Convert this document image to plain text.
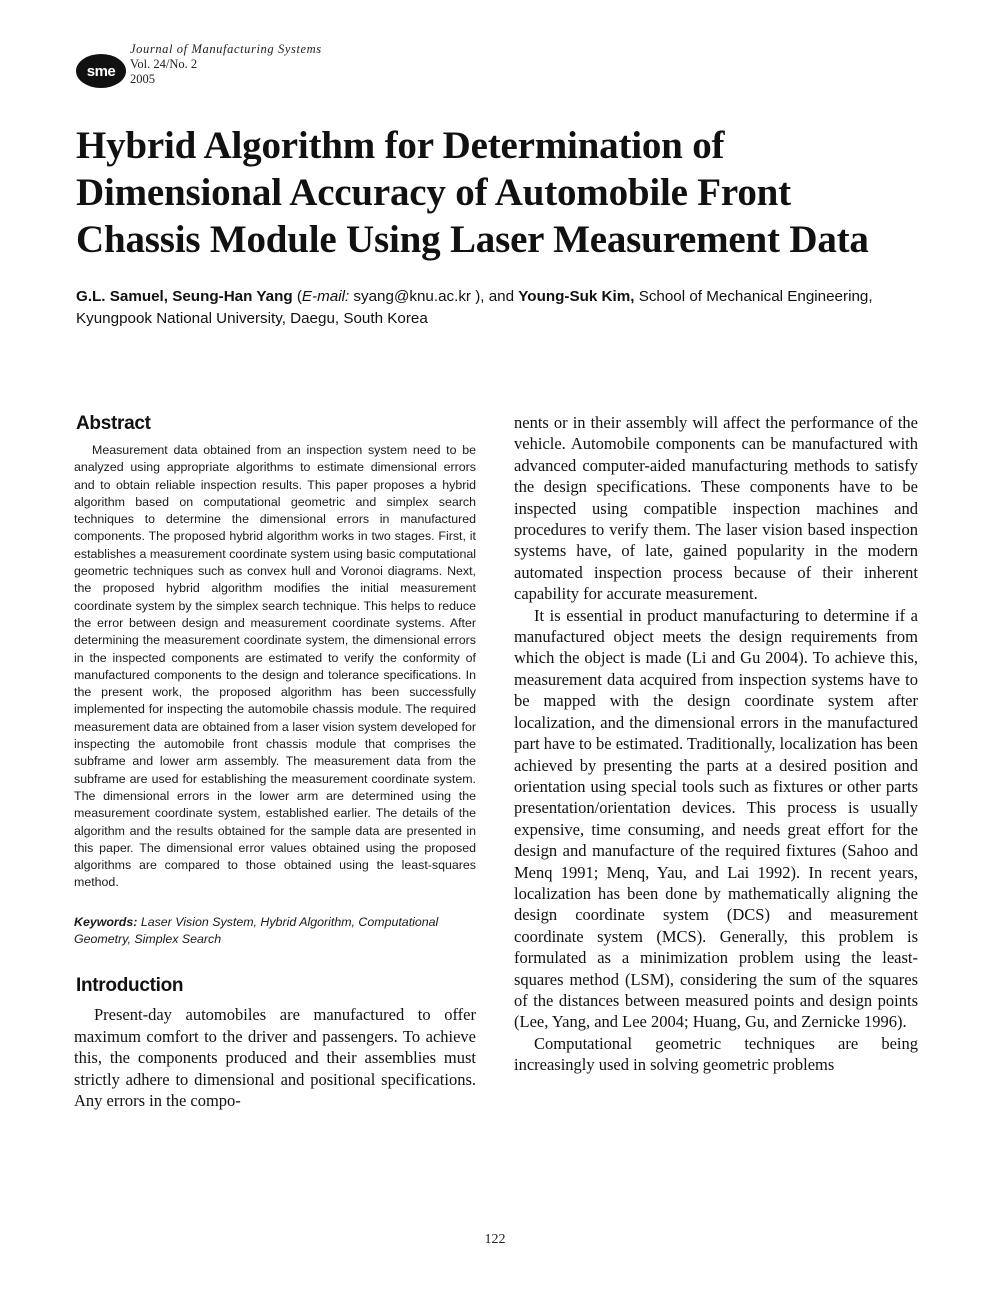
sme
Journal of Manufacturing Systems
Vol. 24/No. 2
2005
Hybrid Algorithm for Determination of
Dimensional Accuracy of Automobile Front
Chassis Module Using Laser Measurement Data
G.L. Samuel, Seung-Han Yang (E-mail: syang@knu.ac.kr ), and Young-Suk Kim, School of Mechanical Engineering, Kyungpook National University, Daegu, South Korea
Abstract

Measurement data obtained from an inspection system need to be analyzed using appropriate algorithms to estimate dimensional errors and to obtain reliable inspection results. This paper proposes a hybrid algorithm based on computational geometric and simplex search techniques to determine the dimensional errors in manufactured components. The proposed hybrid algorithm works in two stages. First, it establishes a measurement coordinate system using basic computational geometric techniques such as convex hull and Voronoi diagrams. Next, the proposed hybrid algorithm modifies the initial measurement coordinate system by the simplex search technique. This helps to reduce the error between design and measurement coordinate systems. After determining the measurement coordinate system, the dimensional errors in the inspected components are estimated to verify the conformity of manufactured components to the design and tolerance specifications. In the present work, the proposed algorithm has been successfully implemented for inspecting the automobile chassis module. The required measurement data are obtained from a laser vision system developed for inspecting the automobile front chassis module that comprises the subframe and lower arm assembly. The measurement data from the subframe are used for establishing the measurement coordinate system. The dimensional errors in the lower arm are determined using the measurement coordinate system, established earlier. The details of the algorithm and the results obtained for the sample data are presented in this paper. The dimensional error values obtained using the proposed algorithms are compared to those obtained using the least-squares method.

Keywords: Laser Vision System, Hybrid Algorithm, Computational Geometry, Simplex Search

Introduction

Present-day automobiles are manufactured to offer maximum comfort to the driver and passengers. To achieve this, the components produced and their assemblies must strictly adhere to dimensional and positional specifications. Any errors in the compo-

nents or in their assembly will affect the performance of the vehicle. Automobile components can be manufactured with advanced computer-aided manufacturing methods to satisfy the design specifications. These components have to be inspected using compatible inspection machines and procedures to verify them. The laser vision based inspection systems have, of late, gained popularity in the modern automated inspection process because of their inherent capability for accurate measurement.

It is essential in product manufacturing to determine if a manufactured object meets the design requirements from which the object is made (Li and Gu 2004). To achieve this, measurement data acquired from inspection systems have to be mapped with the design coordinate system after localization, and the dimensional errors in the manufactured part have to be estimated. Traditionally, localization has been achieved by presenting the parts at a desired position and orientation using special tools such as fixtures or other parts presentation/orientation devices. This process is usually expensive, time consuming, and needs great effort for the design and manufacture of the required fixtures (Sahoo and Menq 1991; Menq, Yau, and Lai 1992). In recent years, localization has been done by mathematically aligning the design coordinate system (DCS) and measurement coordinate system (MCS). Generally, this problem is formulated as a minimization problem using the least-squares method (LSM), considering the sum of the squares of the distances between measured points and design points (Lee, Yang, and Lee 2004; Huang, Gu, and Zernicke 1996).

Computational geometric techniques are being increasingly used in solving geometric problems

122
